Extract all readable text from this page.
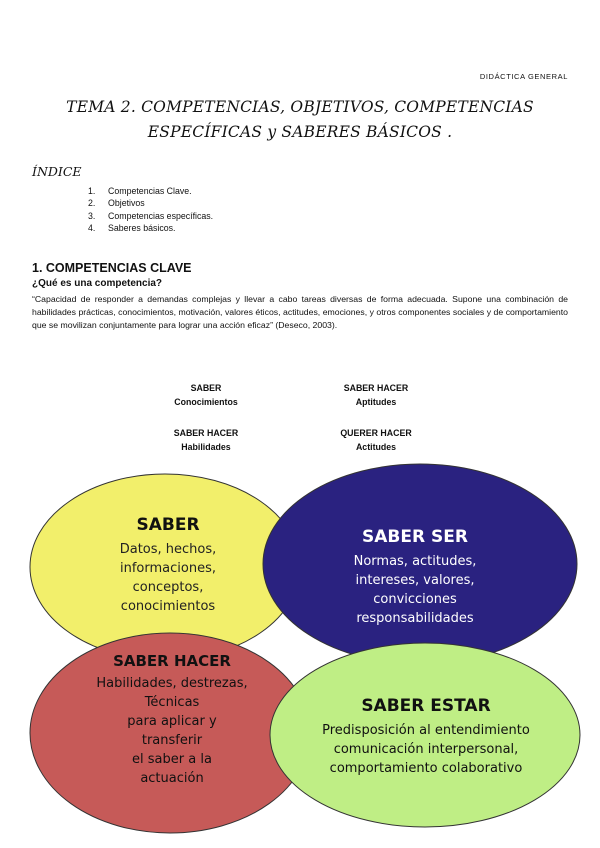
DIDÁCTICA GENERAL
TEMA 2. COMPETENCIAS, OBJETIVOS, COMPETENCIAS
ESPECÍFICAS y SABERES BÁSICOS .
ÍNDICE
1. Competencias Clave.
2. Objetivos
3. Competencias específicas.
4. Saberes básicos.
1. COMPETENCIAS CLAVE
¿Qué es una competencia?
“Capacidad de responder a demandas complejas y llevar a cabo tareas diversas de forma adecuada. Supone una combinación de habilidades prácticas, conocimientos, motivación, valores éticos, actitudes, emociones, y otros componentes sociales y de comportamiento que se movilizan conjuntamente para lograr una acción eficaz” (Deseco, 2003).
SABER
Conocimientos
SABER HACER
Aptitudes
SABER HACER
Habilidades
QUERER HACER
Actitudes
SABER
Datos, hechos,
informaciones,
conceptos,
conocimientos
SABER SER
Normas, actitudes,
intereses, valores,
convicciones
responsabilidades
SABER HACER
Habilidades, destrezas,
Técnicas
para aplicar y
transferir
el saber a la
actuación
SABER ESTAR
Predisposición al entendimiento
comunicación interpersonal,
comportamiento colaborativo
